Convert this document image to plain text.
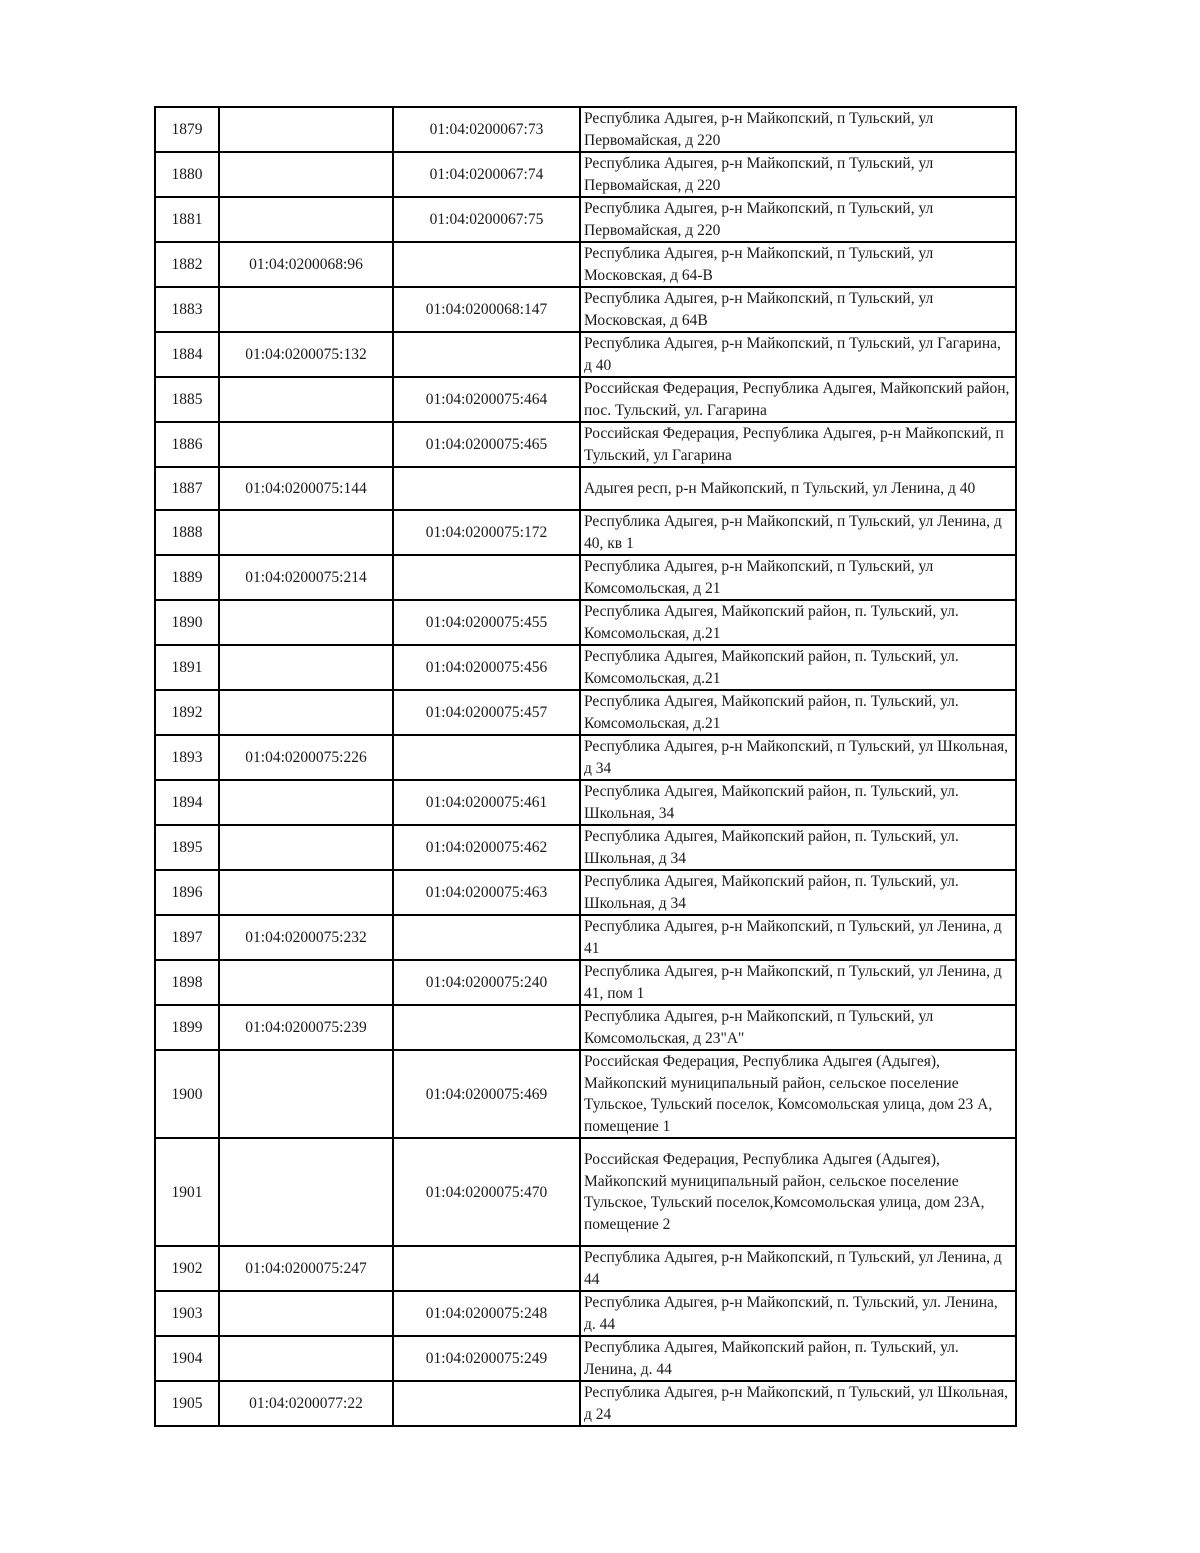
1879		01:04:0200067:73	Республика Адыгея, р-н Майкопский, п Тульский, ул Первомайская, д 220
1880		01:04:0200067:74	Республика Адыгея, р-н Майкопский, п Тульский, ул Первомайская, д 220
1881		01:04:0200067:75	Республика Адыгея, р-н Майкопский, п Тульский, ул Первомайская, д 220
1882	01:04:0200068:96		Республика Адыгея, р-н Майкопский, п Тульский, ул Московская, д 64-В
1883		01:04:0200068:147	Республика Адыгея, р-н Майкопский, п Тульский, ул Московская, д 64В
1884	01:04:0200075:132		Республика Адыгея, р-н Майкопский, п Тульский, ул Гагарина, д 40
1885		01:04:0200075:464	Российская Федерация, Республика Адыгея, Майкопский район, пос. Тульский, ул. Гагарина
1886		01:04:0200075:465	Российская Федерация, Республика Адыгея, р-н Майкопский, п Тульский, ул Гагарина
1887	01:04:0200075:144		Адыгея респ, р-н Майкопский, п Тульский, ул Ленина, д 40
1888		01:04:0200075:172	Республика Адыгея, р-н Майкопский, п Тульский, ул Ленина, д 40, кв 1
1889	01:04:0200075:214		Республика Адыгея, р-н Майкопский, п Тульский, ул Комсомольская, д 21
1890		01:04:0200075:455	Республика Адыгея, Майкопский район, п. Тульский, ул. Комсомольская, д.21
1891		01:04:0200075:456	Республика Адыгея, Майкопский район, п. Тульский, ул. Комсомольская, д.21
1892		01:04:0200075:457	Республика Адыгея, Майкопский район, п. Тульский, ул. Комсомольская, д.21
1893	01:04:0200075:226		Республика Адыгея, р-н Майкопский, п Тульский, ул Школьная, д 34
1894		01:04:0200075:461	Республика Адыгея, Майкопский район, п. Тульский, ул. Школьная, 34
1895		01:04:0200075:462	Республика Адыгея, Майкопский район, п. Тульский, ул. Школьная, д 34
1896		01:04:0200075:463	Республика Адыгея, Майкопский район, п. Тульский, ул. Школьная, д 34
1897	01:04:0200075:232		Республика Адыгея, р-н Майкопский, п Тульский, ул Ленина, д 41
1898		01:04:0200075:240	Республика Адыгея, р-н Майкопский, п Тульский, ул Ленина, д 41, пом 1
1899	01:04:0200075:239		Республика Адыгея, р-н Майкопский, п Тульский, ул Комсомольская, д 23"А"
1900		01:04:0200075:469	Российская Федерация, Республика Адыгея (Адыгея), Майкопский муниципальный район, сельское поселение Тульское, Тульский поселок, Комсомольская улица, дом 23 А, помещение 1
1901		01:04:0200075:470	Российская Федерация, Республика Адыгея (Адыгея), Майкопский муниципальный район, сельское поселение Тульское, Тульский поселок,Комсомольская улица, дом 23А, помещение 2
1902	01:04:0200075:247		Республика Адыгея, р-н Майкопский, п Тульский, ул Ленина, д 44
1903		01:04:0200075:248	Республика Адыгея, р-н Майкопский, п. Тульский, ул. Ленина, д. 44
1904		01:04:0200075:249	Республика Адыгея, Майкопский район, п. Тульский, ул. Ленина, д. 44
1905	01:04:0200077:22		Республика Адыгея, р-н Майкопский, п Тульский, ул Школьная, д 24
